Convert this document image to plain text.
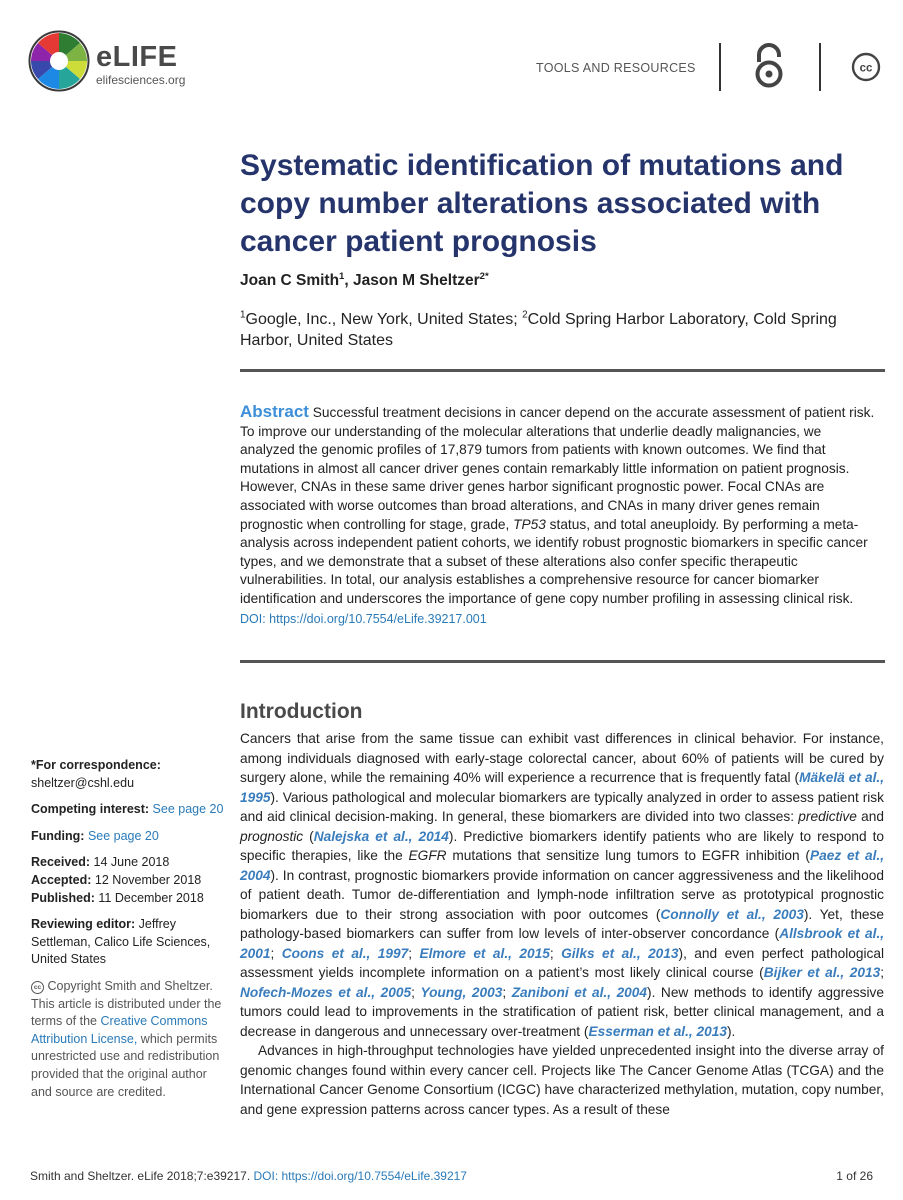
eLIFE
elifesciences.org
TOOLS AND RESOURCES	cc
Systematic identification of mutations and copy number alterations associated with cancer patient prognosis
Joan C Smith$^1$, Jason M Sheltzer$^{2*}$
$^1$Google, Inc., New York, United States; $^2$Cold Spring Harbor Laboratory, Cold Spring Harbor, United States
Abstract Successful treatment decisions in cancer depend on the accurate assessment of patient risk. To improve our understanding of the molecular alterations that underlie deadly malignancies, we analyzed the genomic profiles of 17,879 tumors from patients with known outcomes. We find that mutations in almost all cancer driver genes contain remarkably little information on patient prognosis. However, CNAs in these same driver genes harbor significant prognostic power. Focal CNAs are associated with worse outcomes than broad alterations, and CNAs in many driver genes remain prognostic when controlling for stage, grade, TP53 status, and total aneuploidy. By performing a meta-analysis across independent patient cohorts, we identify robust prognostic biomarkers in specific cancer types, and we demonstrate that a subset of these alterations also confer specific therapeutic vulnerabilities. In total, our analysis establishes a comprehensive resource for cancer biomarker identification and underscores the importance of gene copy number profiling in assessing clinical risk.
DOI: https://doi.org/10.7554/eLife.39217.001
Introduction

Cancers that arise from the same tissue can exhibit vast differences in clinical behavior. For instance, among individuals diagnosed with early-stage colorectal cancer, about 60% of patients will be cured by surgery alone, while the remaining 40% will experience a recurrence that is frequently fatal (Mäkelä et al., 1995). Various pathological and molecular biomarkers are typically analyzed in order to assess patient risk and aid clinical decision-making. In general, these biomarkers are divided into two classes: predictive and prognostic (Nalejska et al., 2014). Predictive biomarkers identify patients who are likely to respond to specific therapies, like the EGFR mutations that sensitize lung tumors to EGFR inhibition (Paez et al., 2004). In contrast, prognostic biomarkers provide information on cancer aggressiveness and the likelihood of patient death. Tumor de-differentiation and lymph-node infiltration serve as prototypical prognostic biomarkers due to their strong association with poor outcomes (Connolly et al., 2003). Yet, these pathology-based biomarkers can suffer from low levels of inter-observer concordance (Allsbrook et al., 2001; Coons et al., 1997; Elmore et al., 2015; Gilks et al., 2013), and even perfect pathological assessment yields incomplete information on a patient’s most likely clinical course (Bijker et al., 2013; Nofech-Mozes et al., 2005; Young, 2003; Zaniboni et al., 2004). New methods to identify aggressive tumors could lead to improvements in the stratification of patient risk, better clinical management, and a decrease in dangerous and unnecessary over-treatment (Esserman et al., 2013).

Advances in high-throughput technologies have yielded unprecedented insight into the diverse array of genomic changes found within every cancer cell. Projects like The Cancer Genome Atlas (TCGA) and the International Cancer Genome Consortium (ICGC) have characterized methylation, mutation, copy number, and gene expression patterns across cancer types. As a result of these

*For correspondence:
sheltzer@cshl.edu
Competing interest: See page 20
Funding: See page 20
Received: 14 June 2018
Accepted: 12 November 2018
Published: 11 December 2018
Reviewing editor: Jeffrey Settleman, Calico Life Sciences, United States
cc Copyright Smith and Sheltzer. This article is distributed under the terms of the Creative Commons Attribution License, which permits unrestricted use and redistribution provided that the original author and source are credited.
Smith and Sheltzer. eLife 2018;7:e39217. DOI: https://doi.org/10.7554/eLife.39217	1 of 26
